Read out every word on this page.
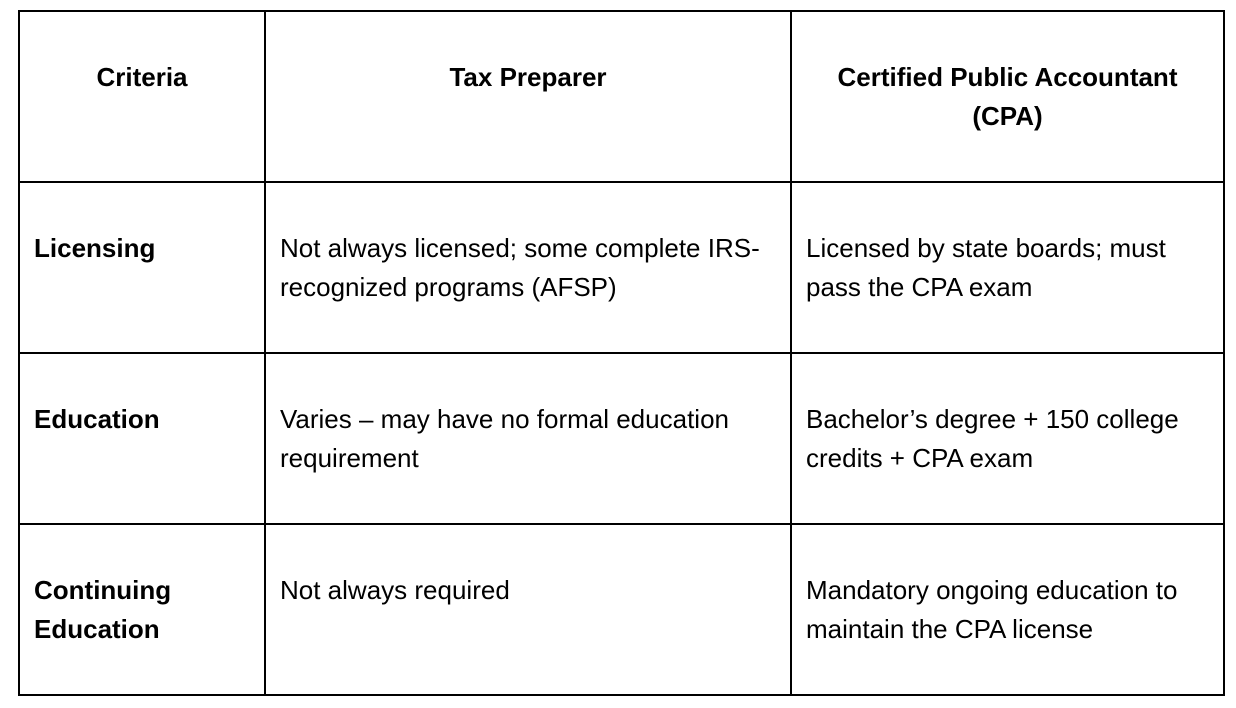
Criteria	Tax Preparer	Certified Public Accountant (CPA)
Licensing	Not always licensed; some complete IRS-recognized programs (AFSP)	Licensed by state boards; must pass the CPA exam
Education	Varies – may have no formal education requirement	Bachelor’s degree + 150 college credits + CPA exam
Continuing Education	Not always required	Mandatory ongoing education to maintain the CPA license
